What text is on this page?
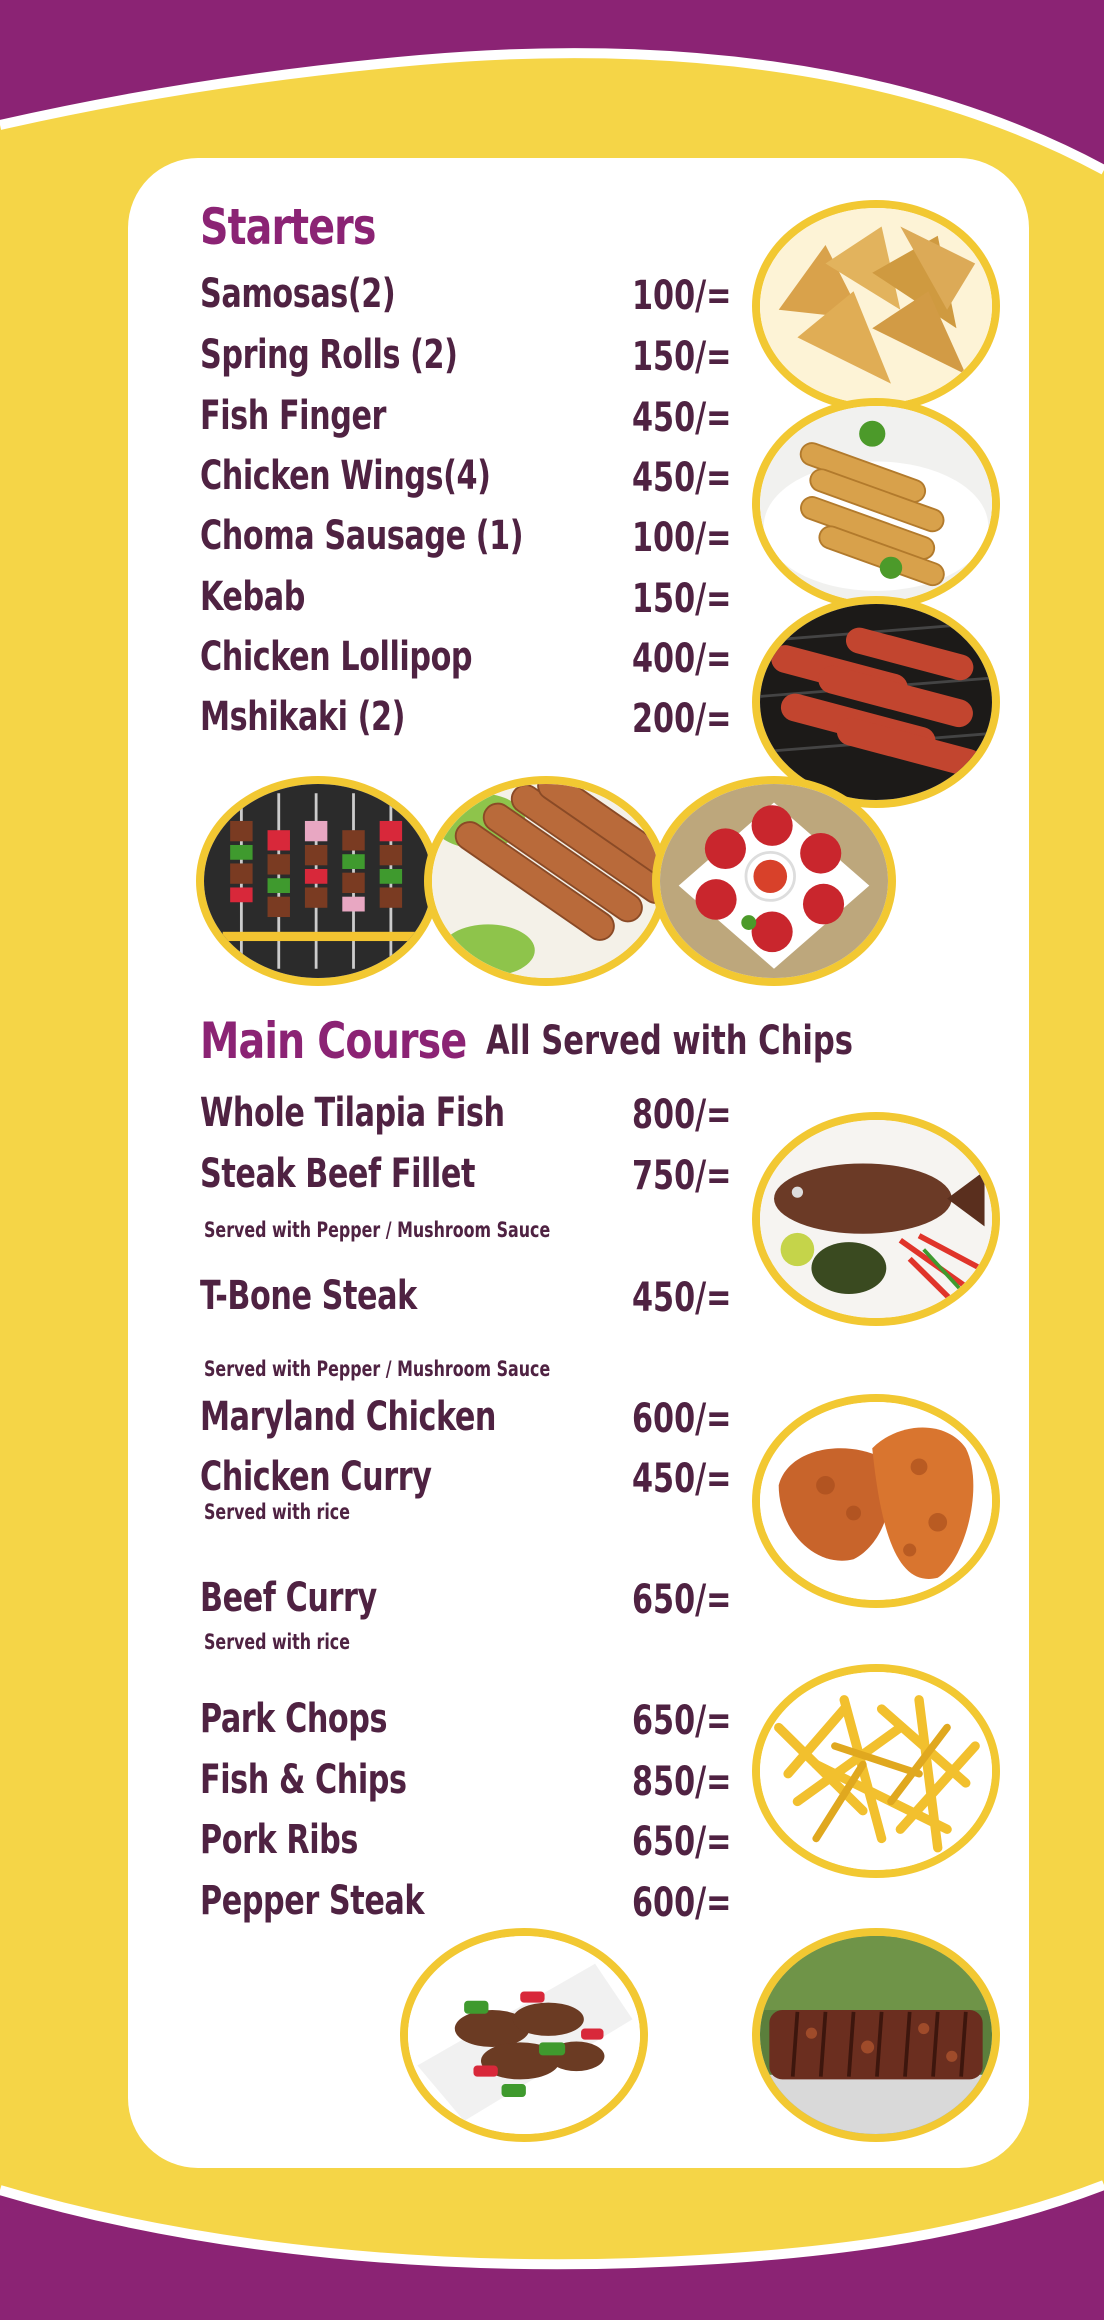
Starters
Samosas(2)	100/=
Spring Rolls (2)	150/=
Fish Finger	450/=
Chicken Wings(4)	450/=
Choma Sausage (1)	100/=
Kebab	150/=
Chicken Lollipop	400/=
Mshikaki (2)	200/=
Main Course All Served with Chips
Whole Tilapia Fish	800/=
Steak Beef Fillet	750/=
Served with Pepper / Mushroom Sauce
T-Bone Steak	450/=
Served with Pepper / Mushroom Sauce
Maryland Chicken	600/=
Chicken Curry	450/=
Served with rice
Beef Curry	650/=
Served with rice
Park Chops	650/=
Fish & Chips	850/=
Pork Ribs	650/=
Pepper Steak	600/=
